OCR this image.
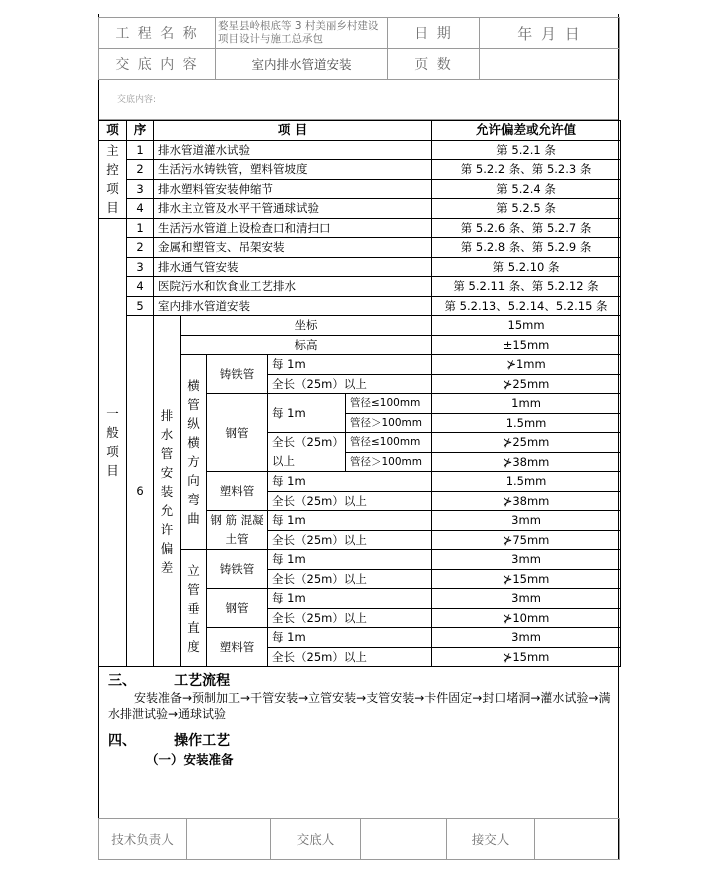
工 程 名 称	婺星县岭根底等 3 村美丽乡村建设项目设计与施工总承包	日 期	年 月 日
交 底 内 容	室内排水管道安装	页 数	
交底内容:
项	序	项 目					允许偏差或允许值
主控项目	1	排水管道灌水试验					第 5.2.1 条
	2	生活污水铸铁管，塑料管坡度					第 5.2.2 条、第 5.2.3 条
	3	排水塑料管安装伸缩节					第 5.2.4 条
	4	排水主立管及水平干管通球试验					第 5.2.5 条
一般项目	1	生活污水管道上设检查口和清扫口					第 5.2.6 条、第 5.2.7 条
	2	金属和塑管支、吊架安装					第 5.2.8 条、第 5.2.9 条
	3	排水通气管安装					第 5.2.10 条
	4	医院污水和饮食业工艺排水					第 5.2.11 条、第 5.2.12 条
	5	室内排水管道安装					第 5.2.13、5.2.14、5.2.15 条
	6	排水管安装允许偏差	坐标				15mm
			标高				±15mm
			横管纵横方向弯曲	铸铁管	每 1m		⊁1mm
					全长（25m）以上		⊁25mm
				钢管	每 1m	管径≤100mm	1mm
						管径＞100mm	1.5mm
					全长（25m）以上	管径≤100mm	⊁25mm
						管径＞100mm	⊁38mm
				塑料管	每 1m		1.5mm
					全长（25m）以上		⊁38mm
				钢 筋 混凝土管	每 1m		3mm
					全长（25m）以上		⊁75mm
			立管垂直度	铸铁管	每 1m		3mm
					全长（25m）以上		⊁15mm
				钢管	每 1m		3mm
					全长（25m）以上		⊁10mm
				塑料管	每 1m		3mm
					全长（25m）以上		⊁15mm
三、	工艺流程
安装准备→预制加工→干管安装→立管安装→支管安装→卡件固定→封口堵洞→灌水试验→满水排泄试验→通球试验
四、	操作工艺
（一）安装准备
技术负责人		交底人		接交人	
